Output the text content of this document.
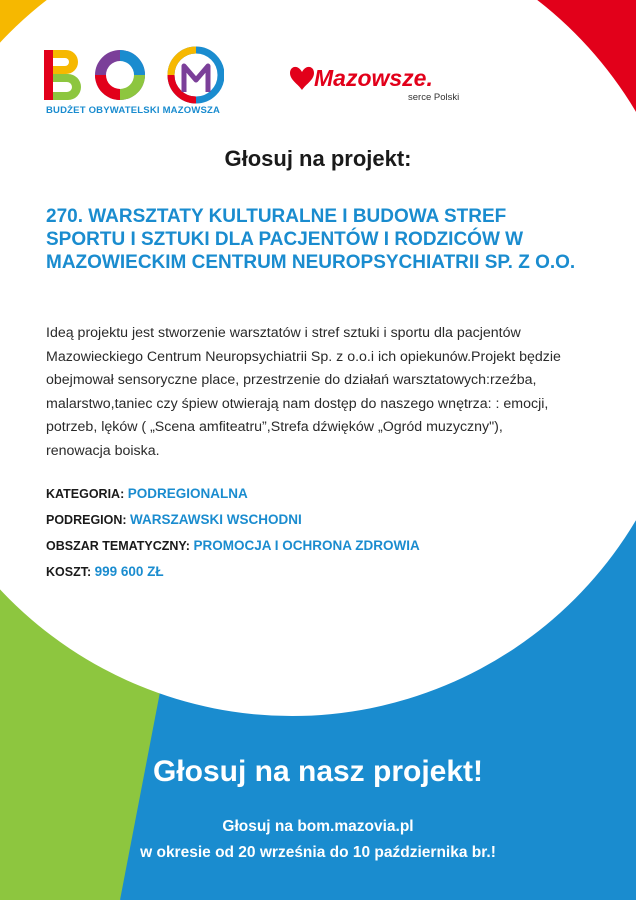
BUDŻET OBYWATELSKI MAZOWSZA
Mazowsze.
serce Polski
Głosuj na projekt:
270. WARSZTATY KULTURALNE I BUDOWA STREF SPORTU I SZTUKI DLA PACJENTÓW I RODZICÓW W MAZOWIECKIM CENTRUM NEUROPSYCHIATRII SP. Z O.O.

Ideą projektu jest stworzenie warsztatów i stref sztuki i sportu dla pacjentów Mazowieckiego Centrum Neuropsychiatrii Sp. z o.o.i ich opiekunów.Projekt będzie obejmował sensoryczne place, przestrzenie do działań warsztatowych:rzeźba, malarstwo,taniec czy śpiew otwierają nam dostęp do naszego wnętrza: : emocji, potrzeb, lęków ( „Scena amfiteatru”,Strefa dźwięków „Ogród muzyczny"), renowacja boiska.

KATEGORIA: PODREGIONALNA
PODREGION: WARSZAWSKI WSCHODNI
OBSZAR TEMATYCZNY: PROMOCJA I OCHRONA ZDROWIA
KOSZT: 999 600 ZŁ
Głosuj na nasz projekt!
Głosuj na bom.mazovia.pl
w okresie od 20 września do 10 października br.!
